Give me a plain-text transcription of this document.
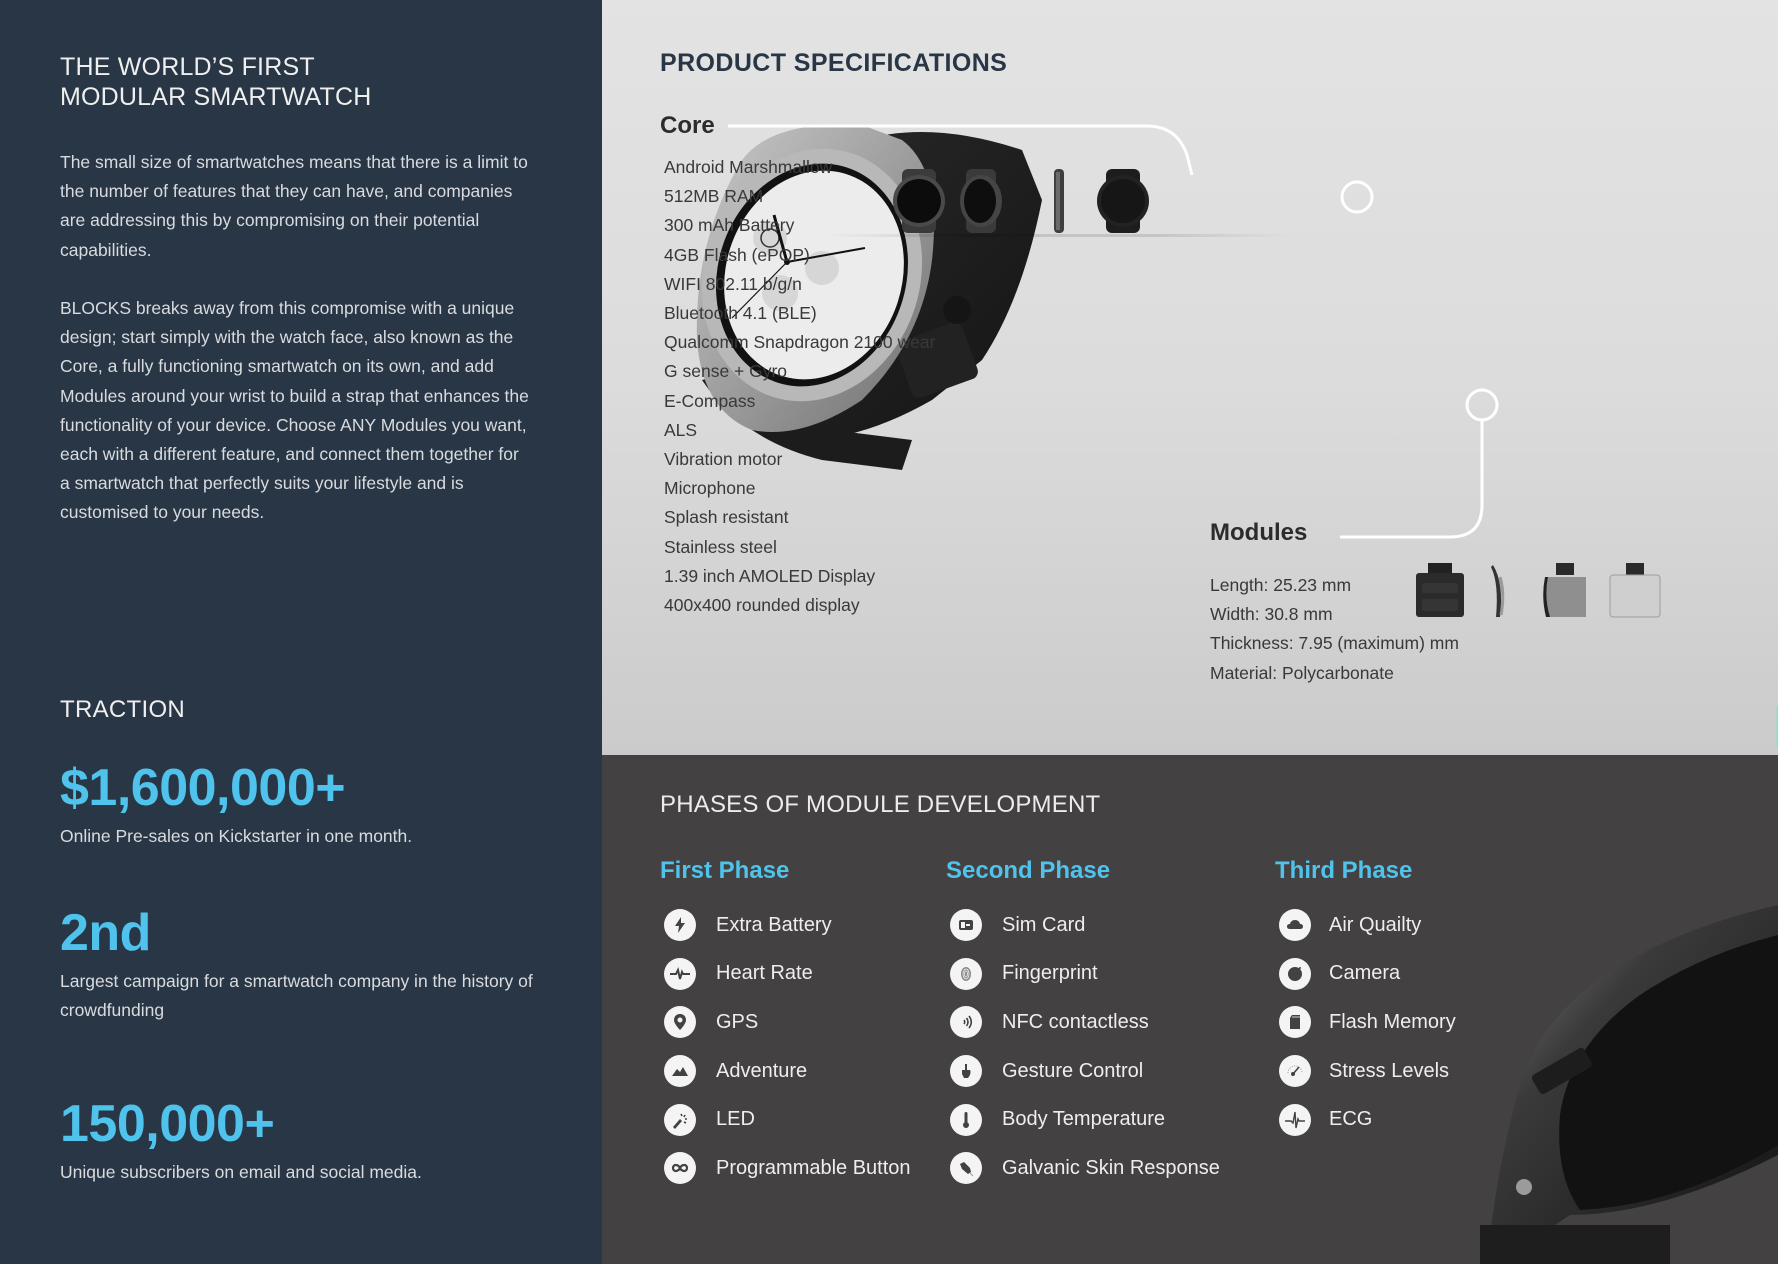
THE WORLD’S FIRST
MODULAR SMARTWATCH

The small size of smartwatches means that there is a limit to the number of features that they can have, and companies are addressing this by compromising on their potential capabilities.

BLOCKS breaks away from this compromise with a unique design; start simply with the watch face, also known as the Core, a fully functioning smartwatch on its own, and add Modules around your wrist to build a strap that enhances the functionality of your device. Choose ANY Modules you want, each with a different feature, and connect them together for a smartwatch that perfectly suits your lifestyle and is customised to your needs.

TRACTION
$1,600,000+
Online Pre-sales on Kickstarter in one month.
2nd
Largest campaign for a smartwatch company in the history of crowdfunding
150,000+
Unique subscribers on email and social media.
PRODUCT SPECIFICATIONS
Core
Android Marshmallow
512MB RAM
300 mAh Battery
4GB Flash (ePOP)
WIFI 802.11 b/g/n
Bluetooth 4.1 (BLE)
Qualcomm Snapdragon 2100 wear
G sense + Gyro
E-Compass
ALS
Vibration motor
Microphone
Splash resistant
Stainless steel
1.39 inch AMOLED Display
400x400 rounded display
Modules
Length: 25.23 mm
Width: 30.8 mm
Thickness: 7.95 (maximum) mm
Material: Polycarbonate
PHASES OF MODULE DEVELOPMENT
First Phase
Extra Battery
Heart Rate
GPS
Adventure
LED
Programmable Button
Second Phase
Sim Card
Fingerprint
NFC contactless
Gesture Control
Body Temperature
Galvanic Skin Response
Third Phase
Air Quailty
Camera
Flash Memory
Stress Levels
ECG
